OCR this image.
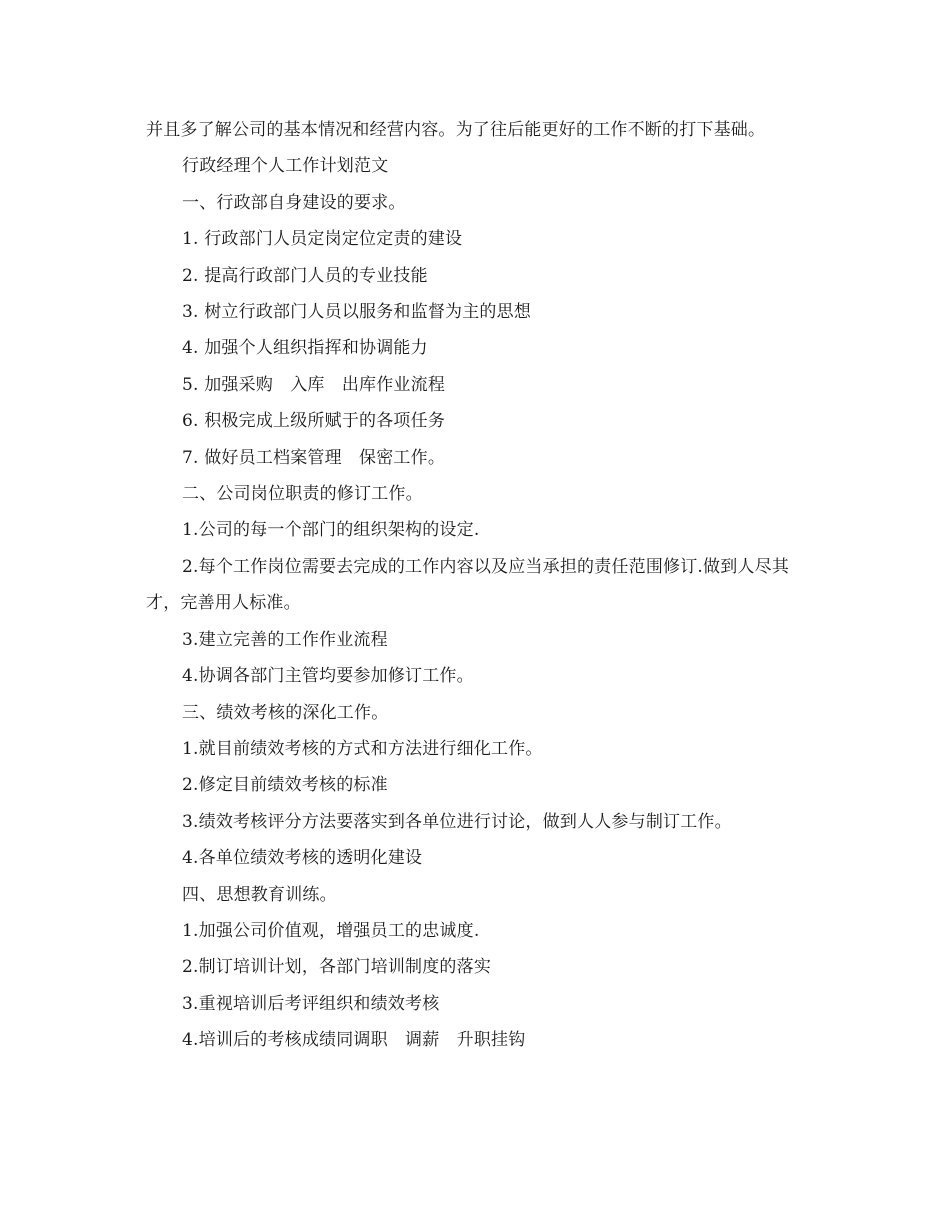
并且多了解公司的基本情况和经营内容。为了往后能更好的工作不断的打下基础。

行政经理个人工作计划范文

一、行政部自身建设的要求。

1. 行政部门人员定岗定位定责的建设

2. 提高行政部门人员的专业技能

3. 树立行政部门人员以服务和监督为主的思想

4. 加强个人组织指挥和协调能力

5. 加强采购　入库　出库作业流程

6. 积极完成上级所赋于的各项任务

7. 做好员工档案管理　保密工作。

二、公司岗位职责的修订工作。

1.公司的每一个部门的组织架构的设定.

2.每个工作岗位需要去完成的工作内容以及应当承担的责任范围修订.做到人尽其才，完善用人标准。

3.建立完善的工作作业流程

4.协调各部门主管均要参加修订工作。

三、绩效考核的深化工作。

1.就目前绩效考核的方式和方法进行细化工作。

2.修定目前绩效考核的标准

3.绩效考核评分方法要落实到各单位进行讨论，做到人人参与制订工作。

4.各单位绩效考核的透明化建设

四、思想教育训练。

1.加强公司价值观，增强员工的忠诚度.

2.制订培训计划，各部门培训制度的落实

3.重视培训后考评组织和绩效考核

4.培训后的考核成绩同调职　调薪　升职挂钩
